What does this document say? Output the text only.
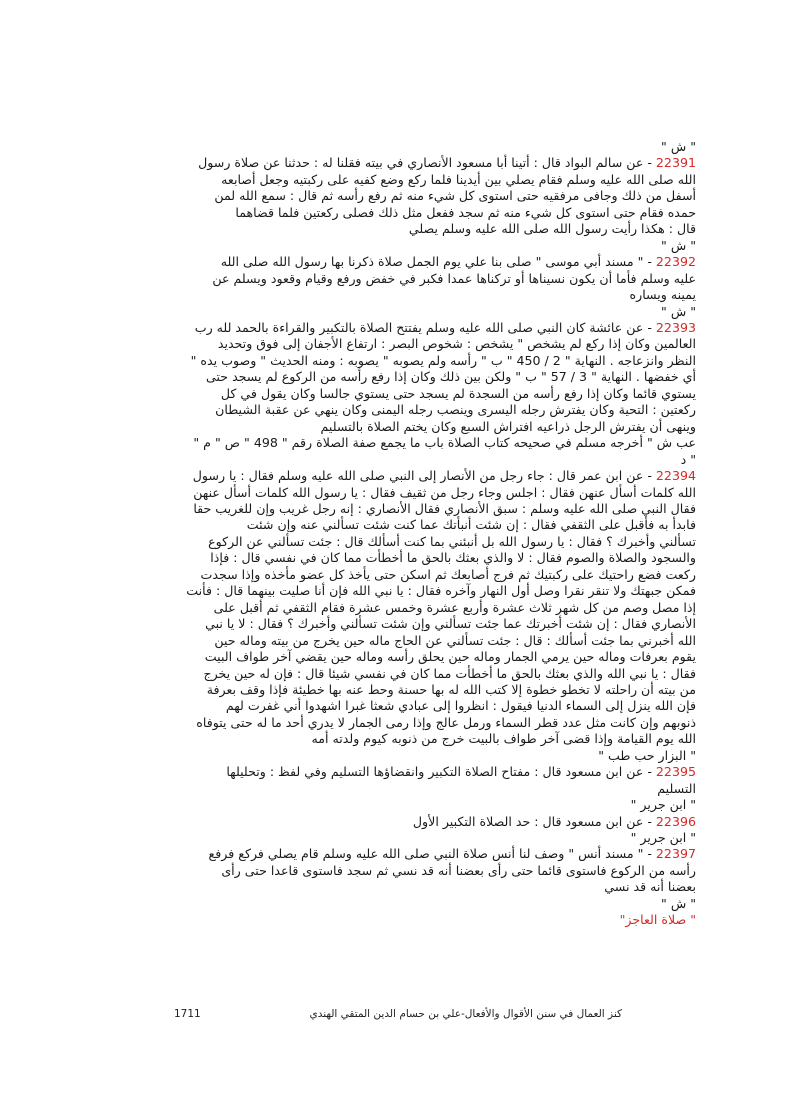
" ش "
22391 - عن سالم البواد قال : أتينا أبا مسعود الأنصاري في بيته فقلنا له : حدثنا عن صلاة رسول
الله صلى الله عليه وسلم فقام يصلي بين أيدينا فلما ركع وضع كفيه على ركبتيه وجعل أصابعه
أسفل من ذلك وجافى مرفقيه حتى استوى كل شيء منه ثم رفع رأسه ثم قال : سمع الله لمن
حمده فقام حتى استوى كل شيء منه ثم سجد ففعل مثل ذلك فصلى ركعتين فلما قضاهما
قال : هكذا رأيت رسول الله صلى الله عليه وسلم يصلي
" ش "
22392 - " مسند أبي موسى " صلى بنا علي يوم الجمل صلاة ذكرنا بها رسول الله صلى الله
عليه وسلم فأما أن يكون نسيناها أو تركناها عمدا فكبر في خفض ورفع وقيام وقعود ويسلم عن
يمينه ويساره
" ش "
22393 - عن عائشة كان النبي صلى الله عليه وسلم يفتتح الصلاة بالتكبير والقراءة بالحمد لله رب
العالمين وكان إذا ركع لم يشخص " يشخص : شخوص البصر : ارتفاع الأجفان إلى فوق وتحديد
النظر وانزعاجه . النهاية " 2 / 450 " ب " رأسه ولم يصوبه " يصوبه : ومنه الحديث " وصوب يده "
أي خفضها . النهاية " 3 / 57 " ب " ولكن بين ذلك وكان إذا رفع رأسه من الركوع لم يسجد حتى
يستوي قائما وكان إذا رفع رأسه من السجدة لم يسجد حتى يستوي جالسا وكان يقول في كل
ركعتين : التحية وكان يفترش رجله اليسرى وينصب رجله اليمنى وكان ينهي عن عقبة الشيطان
وينهى أن يفترش الرجل ذراعيه افتراش السبع وكان يختم الصلاة بالتسليم
عب ش " أخرجه مسلم في صحيحه كتاب الصلاة باب ما يجمع صفة الصلاة رقم " 498 " ص " م "
" د
22394 - عن ابن عمر قال : جاء رجل من الأنصار إلى النبي صلى الله عليه وسلم فقال : يا رسول
الله كلمات أسأل عنهن فقال : اجلس وجاء رجل من ثقيف فقال : يا رسول الله كلمات أسأل عنهن
فقال النبي صلى الله عليه وسلم : سبق الأنصاري فقال الأنصاري : إنه رجل غريب وإن للغريب حقا
فابدأ به فأقبل على الثقفي فقال : إن شئت أنبأتك عما كنت شئت تسألني عنه وإن شئت
تسألني وأخبرك ؟ فقال : يا رسول الله بل أنبئني بما كنت أسألك قال : جئت تسألني عن الركوع
والسجود والصلاة والصوم فقال : لا والذي بعثك بالحق ما أخطأت مما كان في نفسي قال : فإذا
ركعت فضع راحتيك على ركبتيك ثم فرج أصابعك ثم اسكن حتى يأخذ كل عضو مأخذه وإذا سجدت
فمكن جبهتك ولا تنقر نقرا وصل أول النهار وآخره فقال : يا نبي الله فإن أنا صليت بينهما قال : فأنت
إذا مصل وصم من كل شهر ثلاث عشرة وأربع عشرة وخمس عشرة فقام الثقفي ثم أقبل على
الأنصاري فقال : إن شئت أخبرتك عما جئت تسألني وإن شئت تسألني وأخبرك ؟ فقال : لا يا نبي
الله أخبرني بما جئت أسألك : قال : جئت تسألني عن الحاج ماله حين يخرج من بيته وماله حين
يقوم بعرفات وماله حين يرمي الجمار وماله حين يحلق رأسه وماله حين يقضي آخر طواف البيت
فقال : يا نبي الله والذي بعثك بالحق ما أخطأت مما كان في نفسي شيئا قال : فإن له حين يخرج
من بيته أن راحلته لا تخطو خطوة إلا كتب الله له بها حسنة وحط عنه بها خطيئة فإذا وقف بعرفة
فإن الله ينزل إلى السماء الدنيا فيقول : انظروا إلى عبادي شعثا غبرا اشهدوا أني غفرت لهم
ذنوبهم وإن كانت مثل عدد قطر السماء ورمل عالج وإذا رمى الجمار لا يدري أحد ما له حتى يتوفاه
الله يوم القيامة وإذا قضى آخر طواف بالبيت خرج من ذنوبه كيوم ولدته أمه
" البزار حب طب "
22395 - عن ابن مسعود قال : مفتاح الصلاة التكبير وانقضاؤها التسليم وفي لفظ : وتحليلها
التسليم
" ابن جرير "
22396 - عن ابن مسعود قال : حد الصلاة التكبير الأول
" ابن جرير "
22397 - " مسند أنس " وصف لنا أنس صلاة النبي صلى الله عليه وسلم قام يصلي فركع فرفع
رأسه من الركوع فاستوى قائما حتى رأى بعضنا أنه قد نسي ثم سجد فاستوى قاعدا حتى رأى
بعضنا أنه قد نسي
" ش "
" صلاة العاجز"
كنز العمال في سنن الأقوال والأفعال-علي بن حسام الدين المتقي الهندي
1711
